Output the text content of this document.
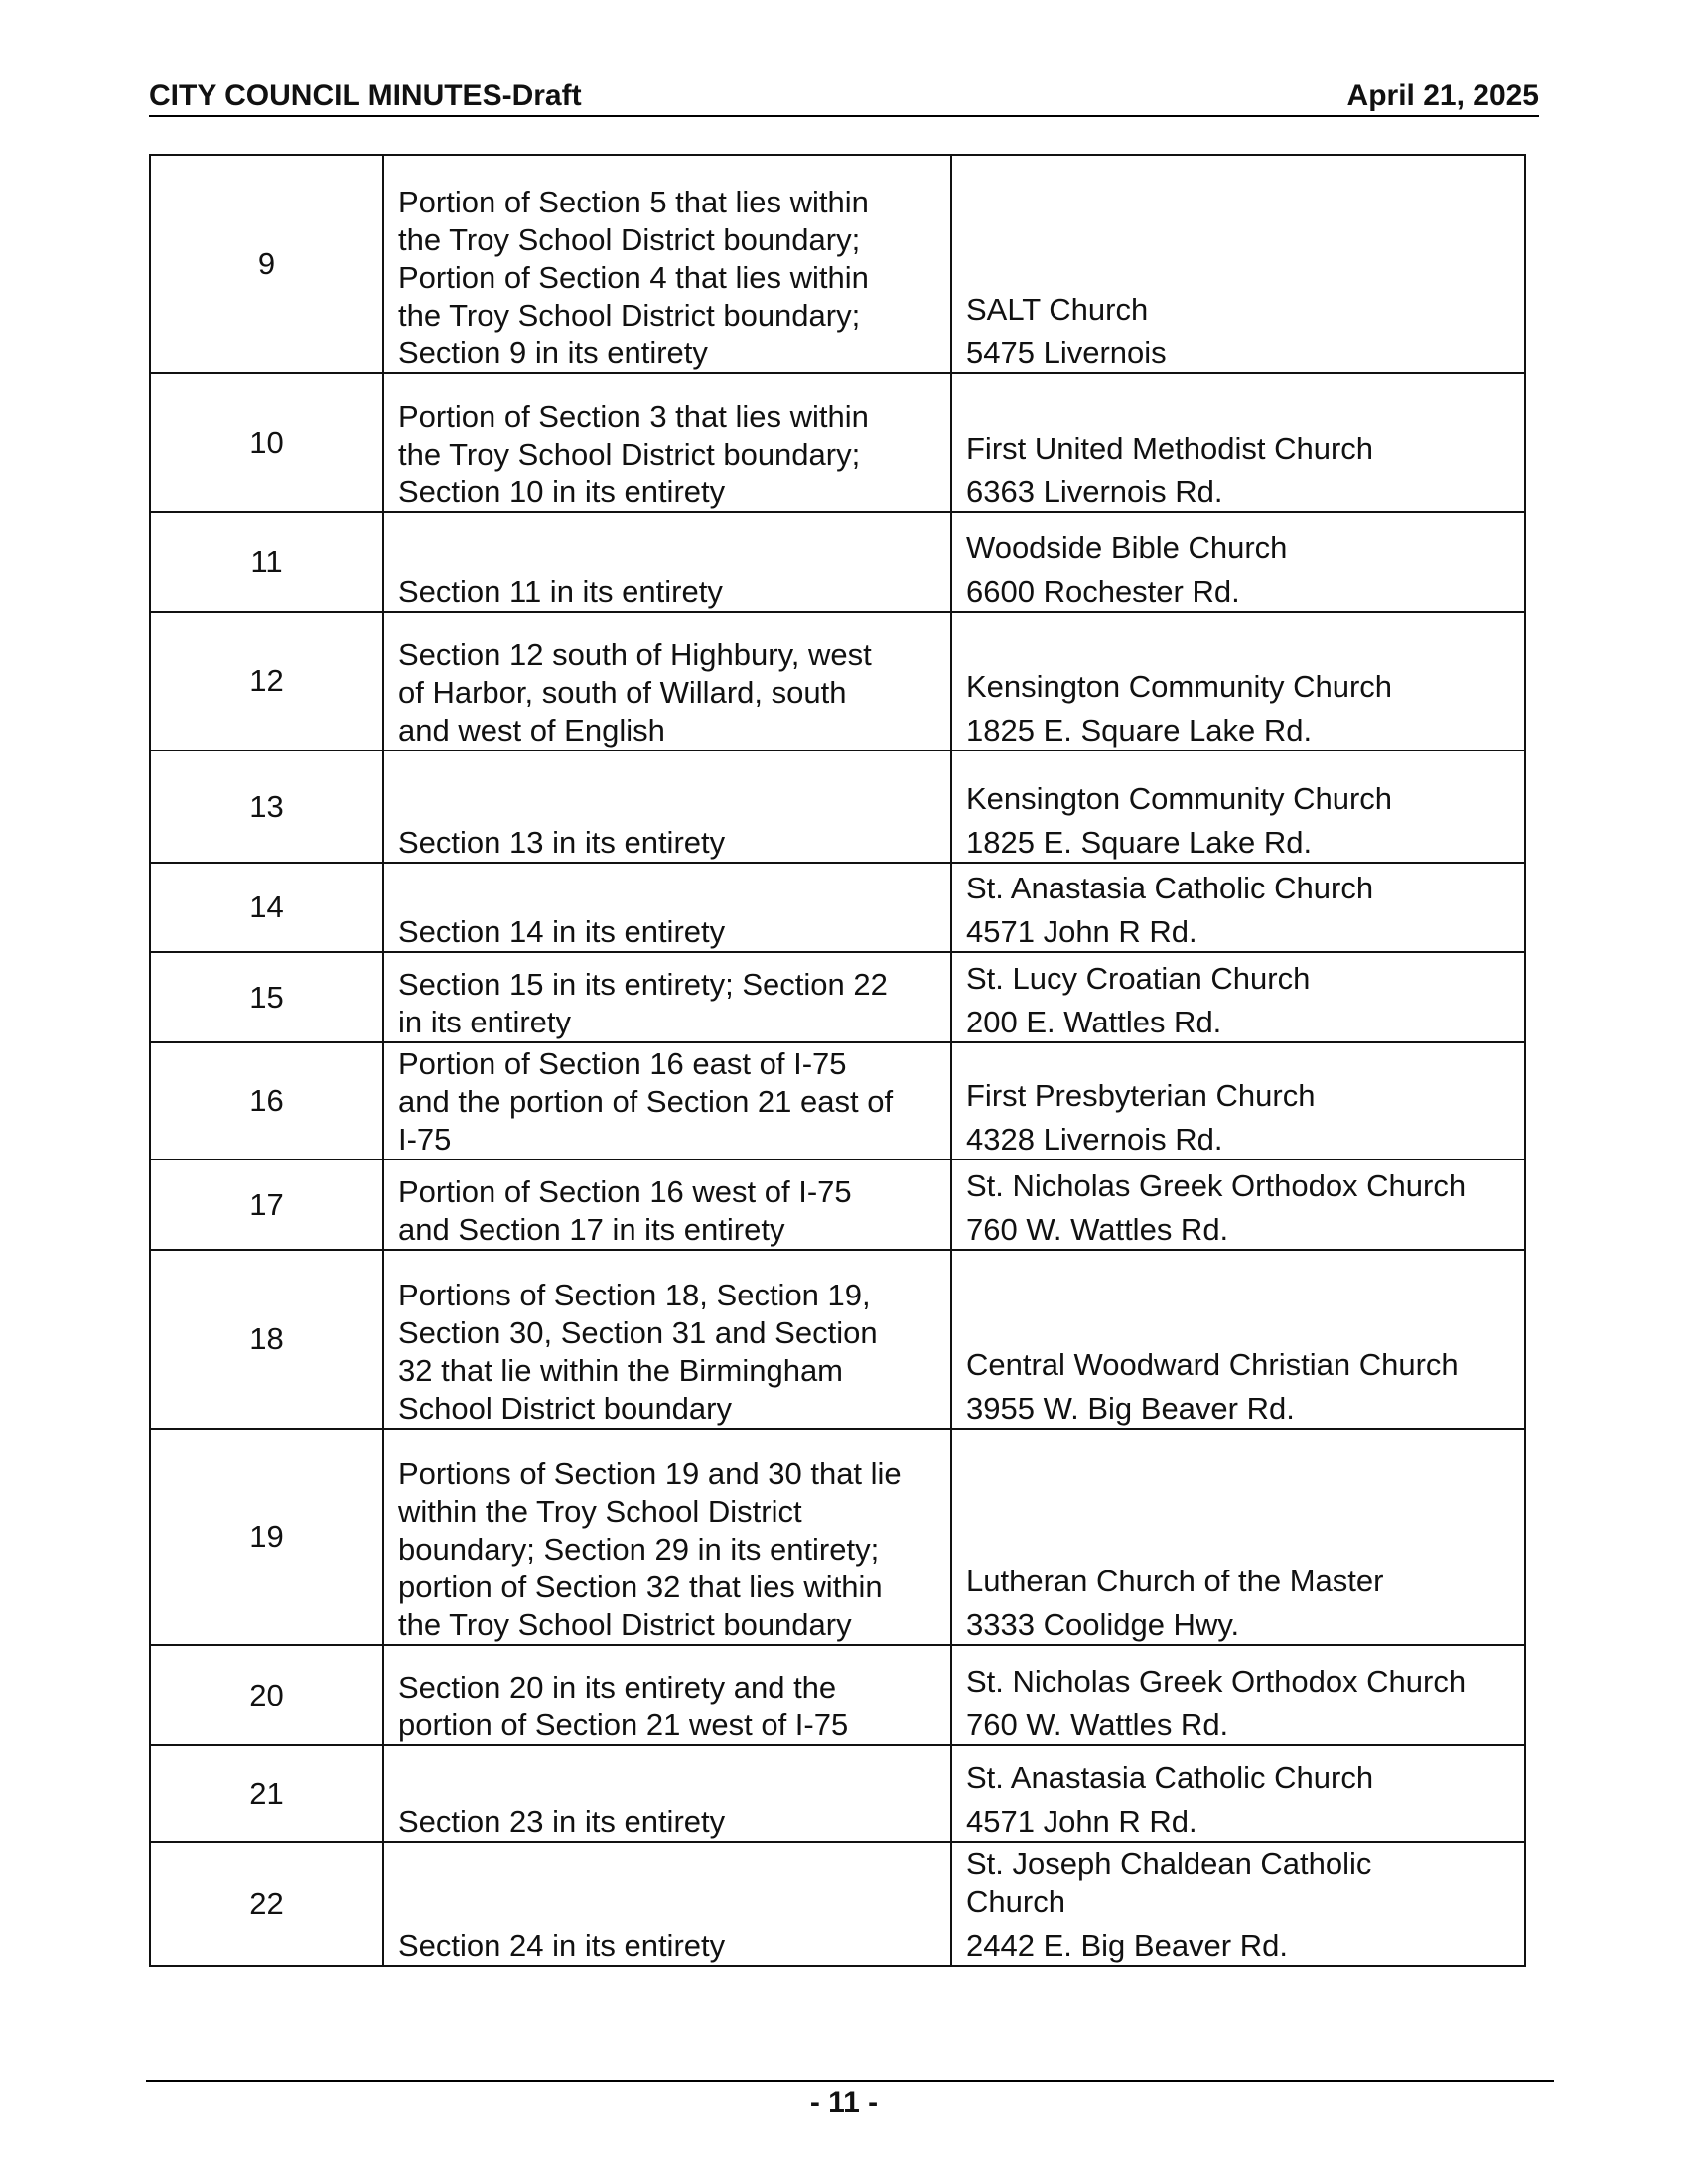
CITY COUNCIL MINUTES-Draft	April 21, 2025
9	Portion of Section 5 that lies within
the Troy School District boundary;
Portion of Section 4 that lies within
the Troy School District boundary;
Section 9 in its entirety	SALT Church
5475 Livernois

10	Portion of Section 3 that lies within
the Troy School District boundary;
Section 10 in its entirety	First United Methodist Church
6363 Livernois Rd.

11	Section 11 in its entirety	Woodside Bible Church
6600 Rochester Rd.

12	Section 12 south of Highbury, west
of Harbor, south of Willard, south
and west of English	Kensington Community Church
1825 E. Square Lake Rd.

13	Section 13 in its entirety	Kensington Community Church
1825 E. Square Lake Rd.

14	Section 14 in its entirety	St. Anastasia Catholic Church
4571 John R Rd.

15	Section 15 in its entirety; Section 22
in its entirety	St. Lucy Croatian Church
200 E. Wattles Rd.

16	Portion of Section 16 east of I-75
and the portion of Section 21 east of
I-75	First Presbyterian Church
4328 Livernois Rd.

17	Portion of Section 16 west of I-75
and Section 17 in its entirety	St. Nicholas Greek Orthodox Church
760 W. Wattles Rd.

18	Portions of Section 18, Section 19,
Section 30, Section 31 and Section
32 that lie within the Birmingham
School District boundary	Central Woodward Christian Church
3955 W. Big Beaver Rd.

19	Portions of Section 19 and 30 that lie
within the Troy School District
boundary; Section 29 in its entirety;
portion of Section 32 that lies within
the Troy School District boundary	Lutheran Church of the Master
3333 Coolidge Hwy.

20	Section 20 in its entirety and the
portion of Section 21 west of I-75	St. Nicholas Greek Orthodox Church
760 W. Wattles Rd.

21	Section 23 in its entirety	St. Anastasia Catholic Church
4571 John R Rd.

22	Section 24 in its entirety	St. Joseph Chaldean Catholic
Church
2442 E. Big Beaver Rd.
- 11 -
